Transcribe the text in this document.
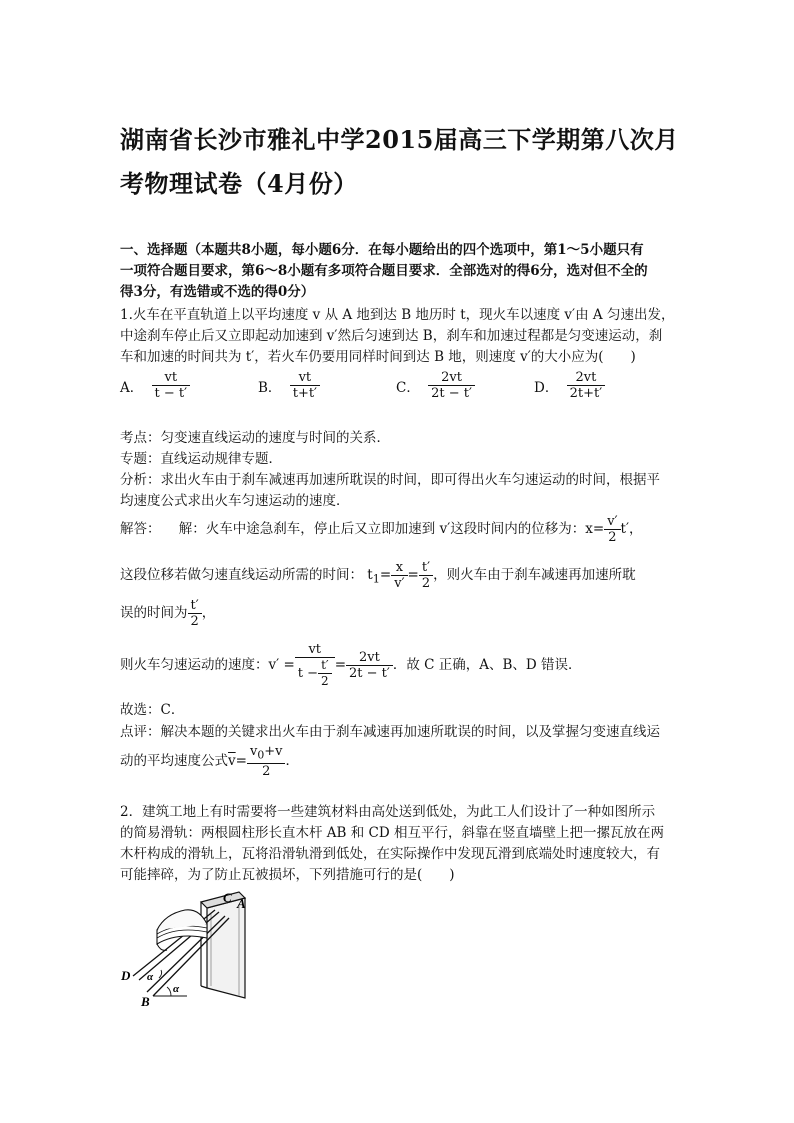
湖南省长沙市雅礼中学2015届高三下学期第八次月考物理试卷（4月份）
一、选择题（本题共8小题，每小题6分．在每小题给出的四个选项中，第1～5小题只有
一项符合题目要求，第6～8小题有多项符合题目要求．全部选对的得6分，选对但不全的
得3分，有选错或不选的得0分）
1.火车在平直轨道上以平均速度 v 从 A 地到达 B 地历时 t，现火车以速度 v′由 A 匀速出发，
中途刹车停止后又立即起动加速到 v′然后匀速到达 B，刹车和加速过程都是匀变速运动，刹
车和加速的时间共为 t′，若火车仍要用同样时间到达 B 地，则速度 v′的大小应为(　　)
A． $\frac{vt}{t - t'}$	B． $\frac{vt}{t+t'}$	C． $\frac{2vt}{2t - t'}$	D． $\frac{2vt}{2t+t'}$
考点：匀变速直线运动的速度与时间的关系．
专题：直线运动规律专题．
分析：求出火车由于刹车减速再加速所耽误的时间，即可得出火车匀速运动的时间，根据平
均速度公式求出火车匀速运动的速度．
解答： 解：火车中途急刹车，停止后又立即加速到 v′这段时间内的位移为：$x= \frac{v'}{2} t'$，
这段位移若做匀速直线运动所需的时间： $t_1= \frac{x}{v'} = \frac{t'}{2}$ ，则火车由于刹车减速再加速所耽
误的时间为 $\frac{t'}{2}$ ，
则火车匀速运动的速度：$v' = \frac{vt}{t - \frac{t'}{2}} = \frac{2vt}{2t - t'}$ ．故 C 正确，A、B、D 错误．
故选：C．
点评：解决本题的关键求出火车由于刹车减速再加速所耽误的时间，以及掌握匀变速直线运
动的平均速度公式$\overline{v}= \frac{v_0+v}{2}$ ．
2．建筑工地上有时需要将一些建筑材料由高处送到低处，为此工人们设计了一种如图所示
的简易滑轨：两根圆柱形长直木杆 AB 和 CD 相互平行，斜靠在竖直墙壁上把一摞瓦放在两
木杆构成的滑轨上，瓦将沿滑轨滑到低处，在实际操作中发现瓦滑到底端处时速度较大，有
可能摔碎，为了防止瓦被损坏，下列措施可行的是(　　)
C A
D
B
α
α
